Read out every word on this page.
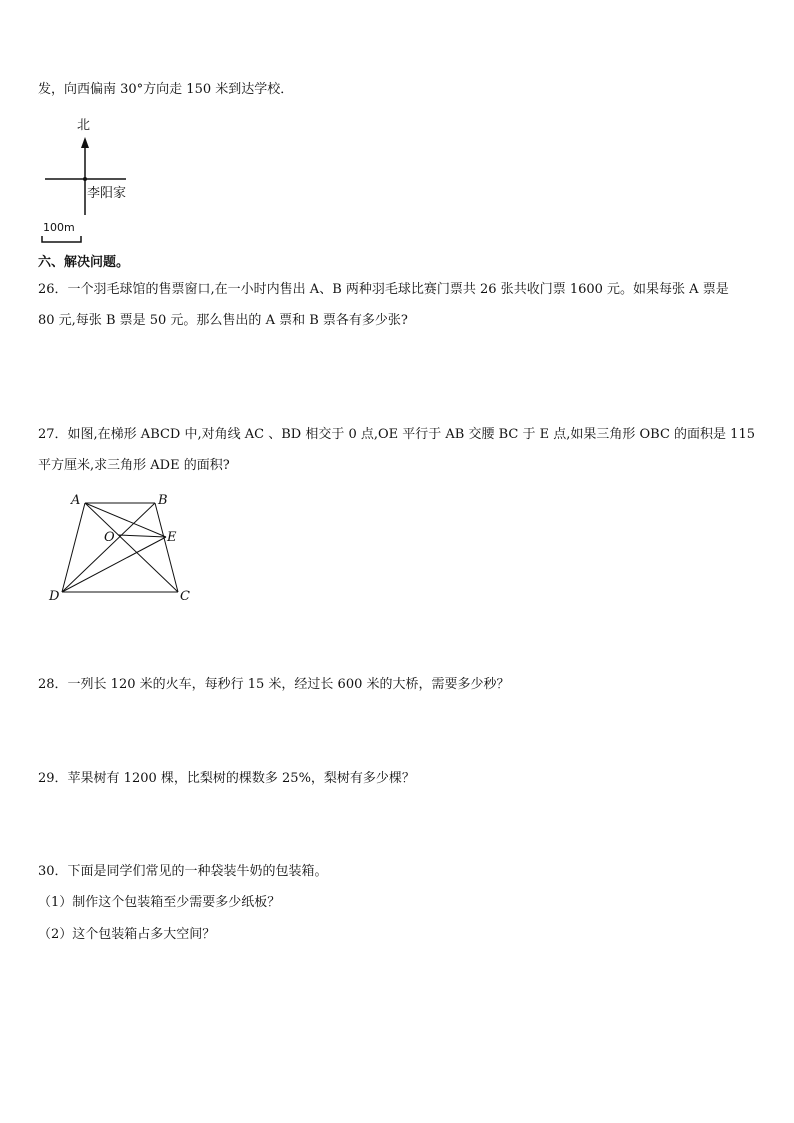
发，向西偏南 30°方向走 150 米到达学校．
北
李阳家
100m
六、解决问题。
26．一个羽毛球馆的售票窗口,在一小时内售出 A、B 两种羽毛球比赛门票共 26 张共收门票 1600 元。如果每张 A 票是
80 元,每张 B 票是 50 元。那么售出的 A 票和 B 票各有多少张?
27．如图,在梯形 ABCD 中,对角线 AC 、BD 相交于 0 点,OE 平行于 AB 交腰 BC 于 E 点,如果三角形 OBC 的面积是 115
平方厘米,求三角形 ADE 的面积?
A	B
O	E
D	C
28．一列长 120 米的火车，每秒行 15 米，经过长 600 米的大桥，需要多少秒？
29．苹果树有 1200 棵，比梨树的棵数多 25%，梨树有多少棵？
30．下面是同学们常见的一种袋装牛奶的包装箱。
（1）制作这个包装箱至少需要多少纸板？
（2）这个包装箱占多大空间？
